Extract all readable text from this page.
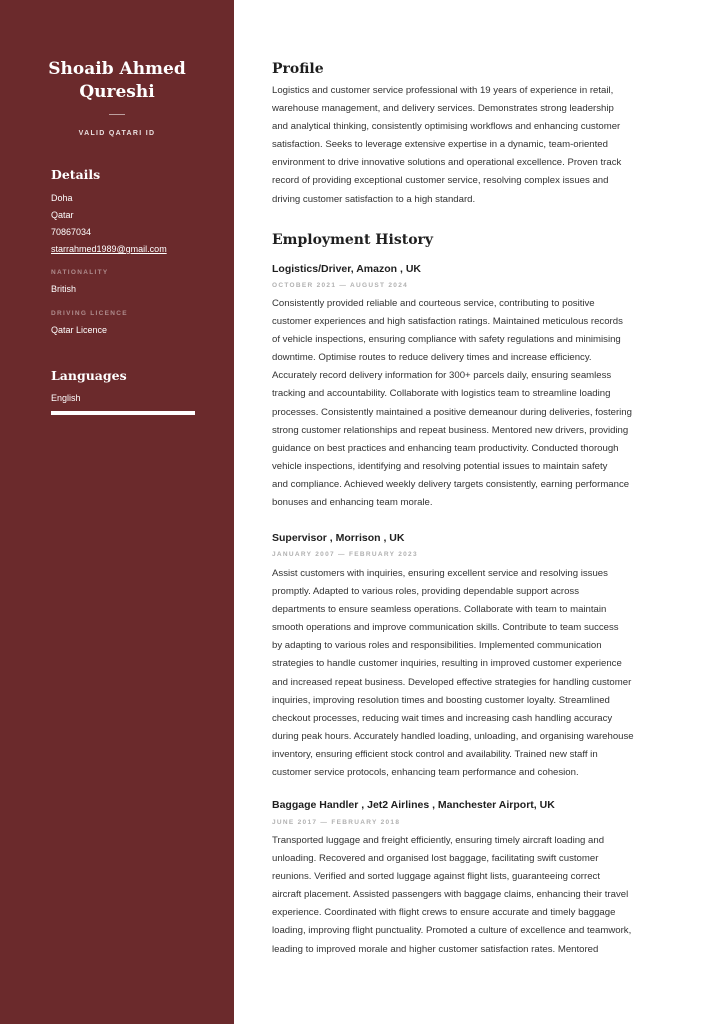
Shoaib Ahmed
Qureshi
VALID QATARI ID
Details
Doha
Qatar
70867034
starrahmed1989@gmail.com
NATIONALITY
British
DRIVING LICENCE
Qatar Licence
Languages
English
Profile
Logistics and customer service professional with 19 years of experience in retail,
warehouse management, and delivery services. Demonstrates strong leadership
and analytical thinking, consistently optimising workflows and enhancing customer
satisfaction. Seeks to leverage extensive expertise in a dynamic, team-oriented
environment to drive innovative solutions and operational excellence. Proven track
record of providing exceptional customer service, resolving complex issues and
driving customer satisfaction to a high standard.
Employment History
Logistics/Driver, Amazon , UK
OCTOBER 2021 — AUGUST 2024
Consistently provided reliable and courteous service, contributing to positive
customer experiences and high satisfaction ratings. Maintained meticulous records
of vehicle inspections, ensuring compliance with safety regulations and minimising
downtime. Optimise routes to reduce delivery times and increase efficiency.
Accurately record delivery information for 300+ parcels daily, ensuring seamless
tracking and accountability. Collaborate with logistics team to streamline loading
processes. Consistently maintained a positive demeanour during deliveries, fostering
strong customer relationships and repeat business. Mentored new drivers, providing
guidance on best practices and enhancing team productivity. Conducted thorough
vehicle inspections, identifying and resolving potential issues to maintain safety
and compliance. Achieved weekly delivery targets consistently, earning performance
bonuses and enhancing team morale.
Supervisor , Morrison , UK
JANUARY 2007 — FEBRUARY 2023
Assist customers with inquiries, ensuring excellent service and resolving issues
promptly. Adapted to various roles, providing dependable support across
departments to ensure seamless operations. Collaborate with team to maintain
smooth operations and improve communication skills. Contribute to team success
by adapting to various roles and responsibilities. Implemented communication
strategies to handle customer inquiries, resulting in improved customer experience
and increased repeat business. Developed effective strategies for handling customer
inquiries, improving resolution times and boosting customer loyalty. Streamlined
checkout processes, reducing wait times and increasing cash handling accuracy
during peak hours. Accurately handled loading, unloading, and organising warehouse
inventory, ensuring efficient stock control and availability. Trained new staff in
customer service protocols, enhancing team performance and cohesion.
Baggage Handler , Jet2 Airlines , Manchester Airport, UK
JUNE 2017 — FEBRUARY 2018
Transported luggage and freight efficiently, ensuring timely aircraft loading and
unloading. Recovered and organised lost baggage, facilitating swift customer
reunions. Verified and sorted luggage against flight lists, guaranteeing correct
aircraft placement. Assisted passengers with baggage claims, enhancing their travel
experience. Coordinated with flight crews to ensure accurate and timely baggage
loading, improving flight punctuality. Promoted a culture of excellence and teamwork,
leading to improved morale and higher customer satisfaction rates. Mentored
